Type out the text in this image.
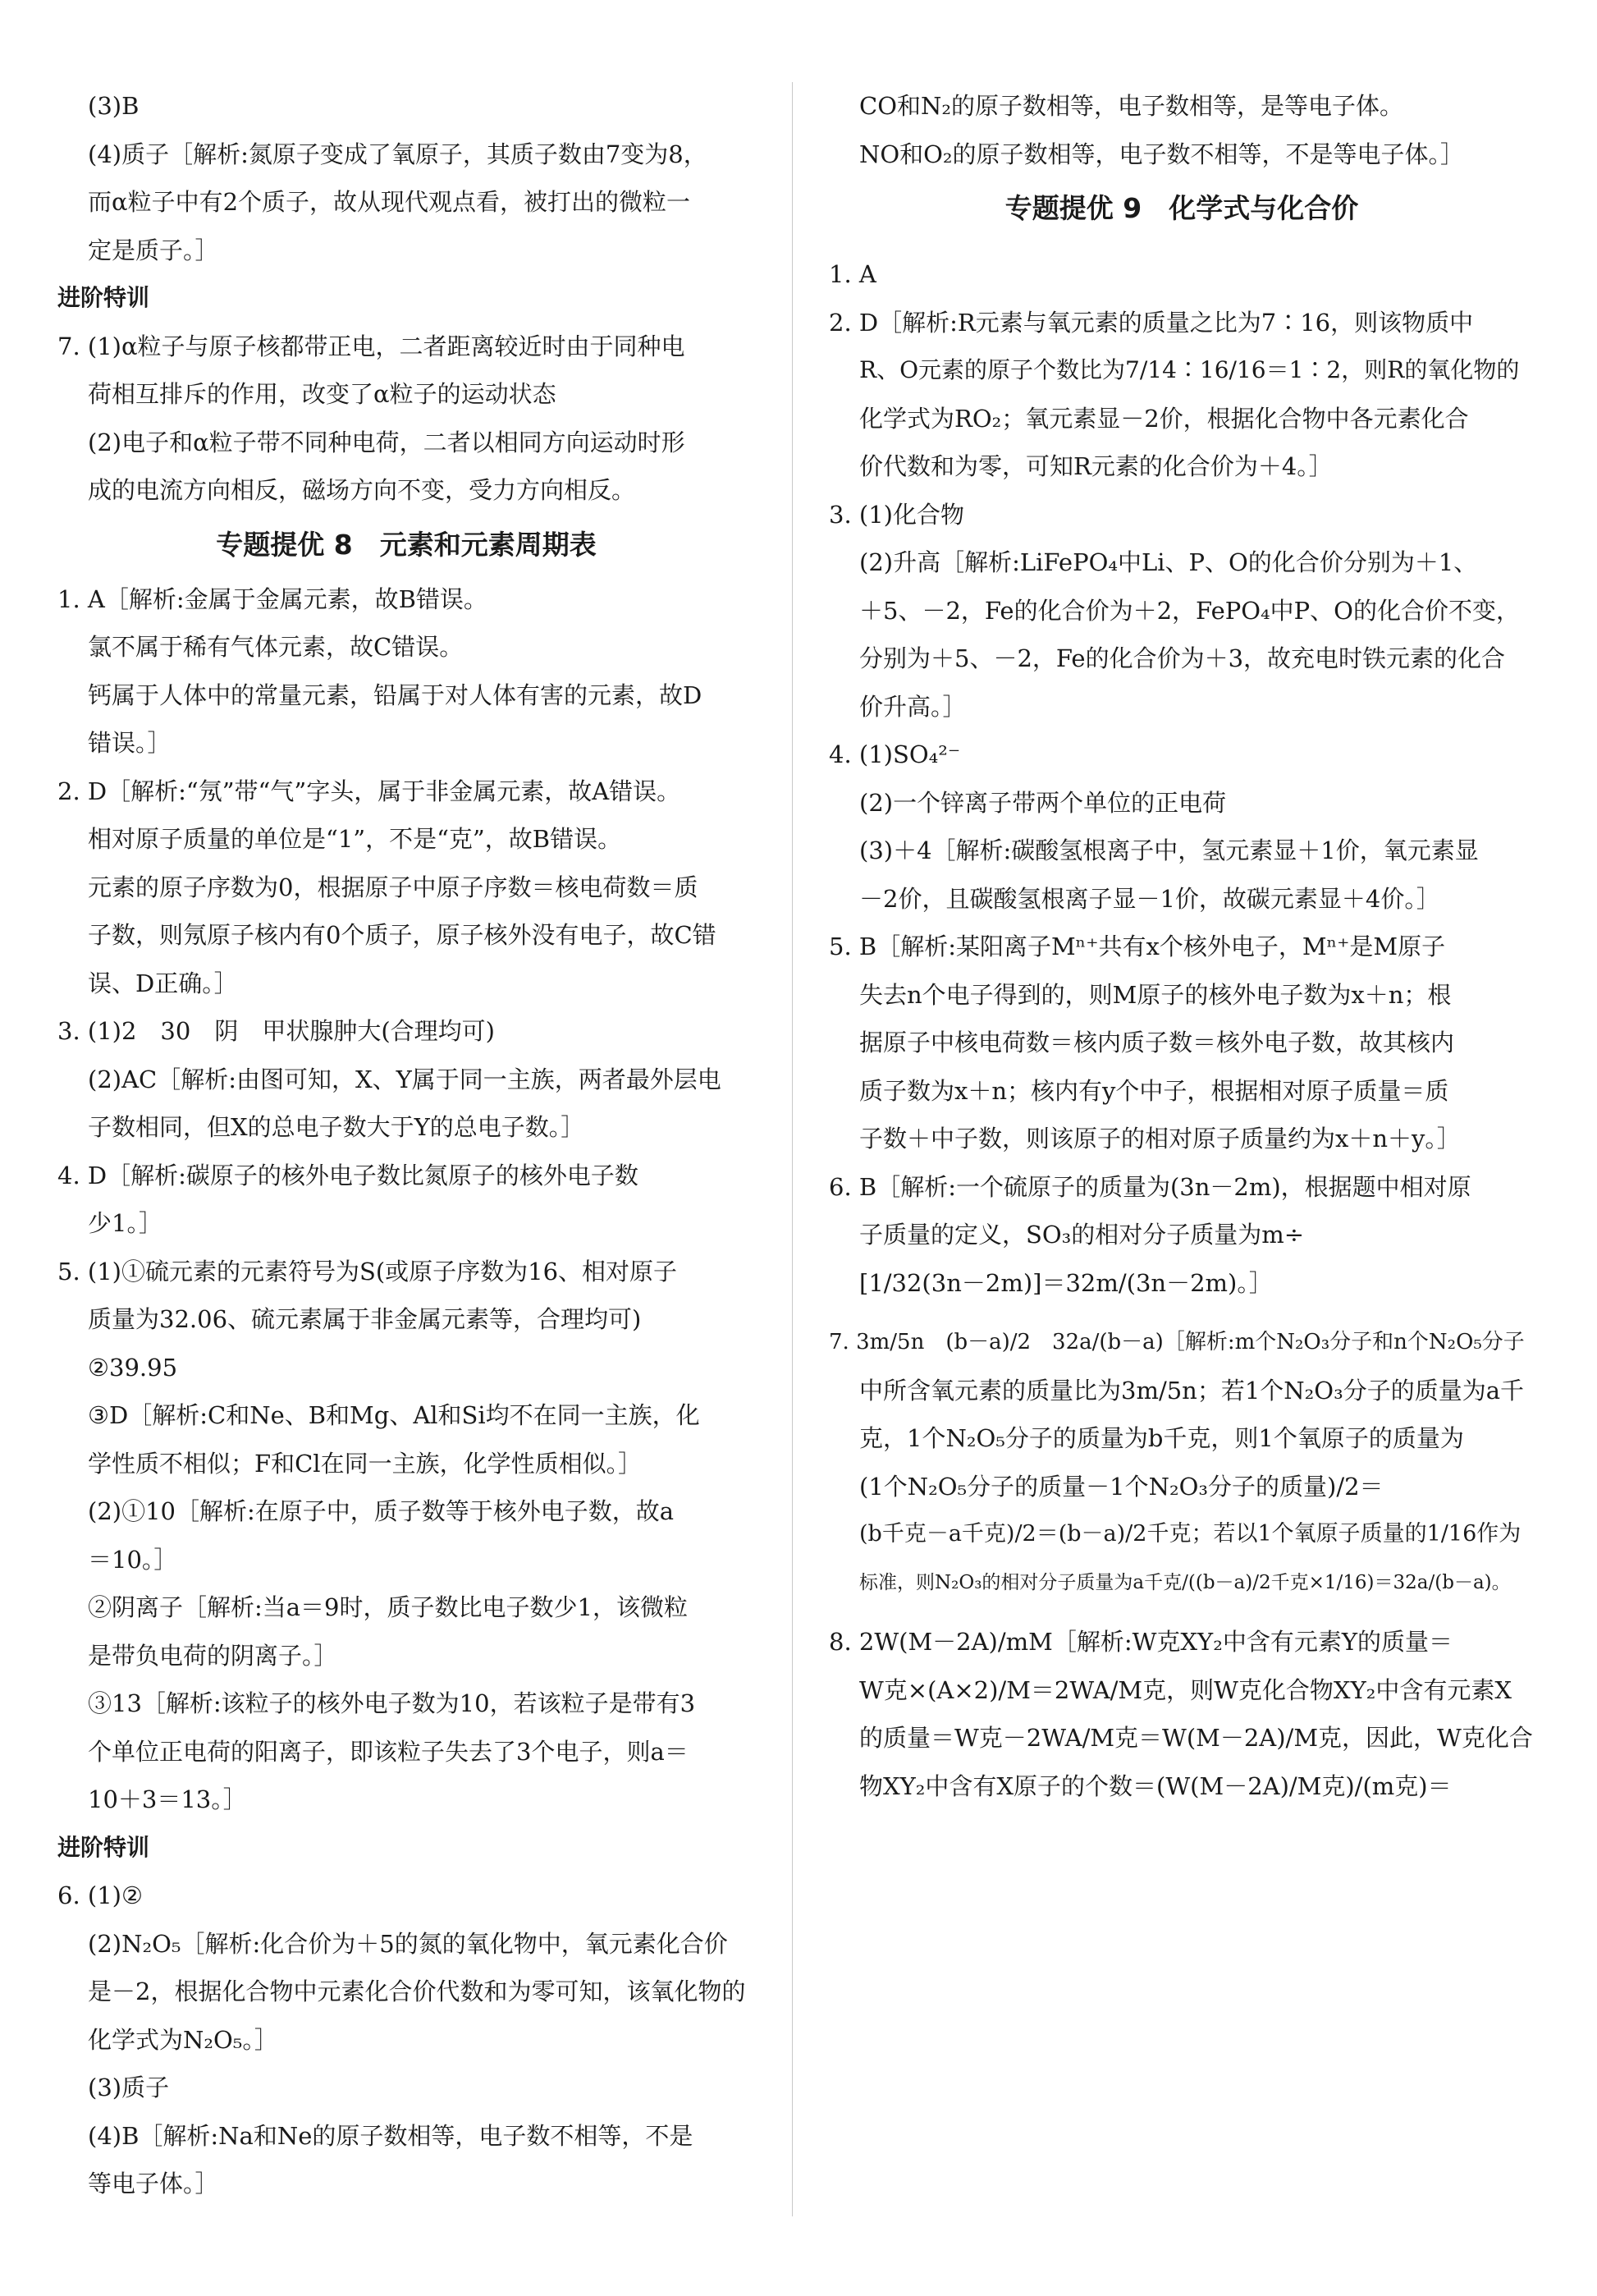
(3)B
(4)质子［解析:氮原子变成了氧原子，其质子数由7变为8，
而α粒子中有2个质子，故从现代观点看，被打出的微粒一
定是质子。］
进阶特训
7. (1)α粒子与原子核都带正电，二者距离较近时由于同种电
荷相互排斥的作用，改变了α粒子的运动状态
(2)电子和α粒子带不同种电荷，二者以相同方向运动时形
成的电流方向相反，磁场方向不变，受力方向相反。
专题提优 8　元素和元素周期表
1. A［解析:金属于金属元素，故B错误。
氯不属于稀有气体元素，故C错误。
钙属于人体中的常量元素，铅属于对人体有害的元素，故D
错误。］
2. D［解析:“氖”带“气”字头，属于非金属元素，故A错误。
相对原子质量的单位是“1”，不是“克”，故B错误。
元素的原子序数为0，根据原子中原子序数＝核电荷数＝质
子数，则氖原子核内有0个质子，原子核外没有电子，故C错
误、D正确。］
3. (1)2　30　阴　甲状腺肿大(合理均可)
(2)AC［解析:由图可知，X、Y属于同一主族，两者最外层电
子数相同，但X的总电子数大于Y的总电子数。］
4. D［解析:碳原子的核外电子数比氮原子的核外电子数
少1。］
5. (1)①硫元素的元素符号为S(或原子序数为16、相对原子
质量为32.06、硫元素属于非金属元素等，合理均可)
②39.95
③D［解析:C和Ne、B和Mg、Al和Si均不在同一主族，化
学性质不相似；F和Cl在同一主族，化学性质相似。］
(2)①10［解析:在原子中，质子数等于核外电子数，故a
＝10。］
②阴离子［解析:当a＝9时，质子数比电子数少1，该微粒
是带负电荷的阴离子。］
③13［解析:该粒子的核外电子数为10，若该粒子是带有3
个单位正电荷的阳离子，即该粒子失去了3个电子，则a＝
10＋3＝13。］
进阶特训
6. (1)②
(2)N₂O₅［解析:化合价为＋5的氮的氧化物中，氧元素化合价
是－2，根据化合物中元素化合价代数和为零可知，该氧化物的
化学式为N₂O₅。］
(3)质子
(4)B［解析:Na和Ne的原子数相等，电子数不相等，不是
等电子体。］
CO和N₂的原子数相等，电子数相等，是等电子体。
NO和O₂的原子数相等，电子数不相等，不是等电子体。］
专题提优 9　化学式与化合价
1. A
2. D［解析:R元素与氧元素的质量之比为7∶16，则该物质中
R、O元素的原子个数比为7/14∶16/16＝1∶2，则R的氧化物的
化学式为RO₂；氧元素显－2价，根据化合物中各元素化合
价代数和为零，可知R元素的化合价为＋4。］
3. (1)化合物
(2)升高［解析:LiFePO₄中Li、P、O的化合价分别为＋1、
＋5、－2，Fe的化合价为＋2，FePO₄中P、O的化合价不变，
分别为＋5、－2，Fe的化合价为＋3，故充电时铁元素的化合
价升高。］
4. (1)SO₄²⁻
(2)一个锌离子带两个单位的正电荷
(3)＋4［解析:碳酸氢根离子中，氢元素显＋1价，氧元素显
－2价，且碳酸氢根离子显－1价，故碳元素显＋4价。］
5. B［解析:某阳离子Mⁿ⁺共有x个核外电子，Mⁿ⁺是M原子
失去n个电子得到的，则M原子的核外电子数为x＋n；根
据原子中核电荷数＝核内质子数＝核外电子数，故其核内
质子数为x＋n；核内有y个中子，根据相对原子质量＝质
子数＋中子数，则该原子的相对原子质量约为x＋n＋y。］
6. B［解析:一个硫原子的质量为(3n－2m)，根据题中相对原
子质量的定义，SO₃的相对分子质量为m÷
[1/32(3n－2m)]＝32m/(3n－2m)。］
7. 3m/5n　(b－a)/2　32a/(b－a)［解析:m个N₂O₃分子和n个N₂O₅分子
中所含氧元素的质量比为3m/5n；若1个N₂O₃分子的质量为a千
克，1个N₂O₅分子的质量为b千克，则1个氧原子的质量为
(1个N₂O₅分子的质量－1个N₂O₃分子的质量)/2＝
(b千克－a千克)/2＝(b－a)/2千克；若以1个氧原子质量的1/16作为
标准，则N₂O₃的相对分子质量为a千克/((b－a)/2千克×1/16)＝32a/(b－a)。
8. 2W(M－2A)/mM［解析:W克XY₂中含有元素Y的质量＝
W克×(A×2)/M＝2WA/M克，则W克化合物XY₂中含有元素X
的质量＝W克－2WA/M克＝W(M－2A)/M克，因此，W克化合
物XY₂中含有X原子的个数＝(W(M－2A)/M克)/(m克)＝
